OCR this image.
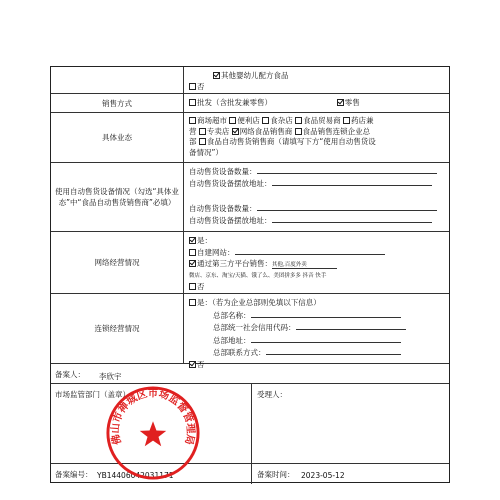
其他婴幼儿配方食品
否
销售方式	批发（含批发兼零售）	零售
具体业态
商场超市 便利店 食杂店 食品贸易商 药店兼
营 专卖店 网络食品销售商 食品销售连锁企业总
部 食品自动售货销售商（请填写下方“使用自动售货设
备情况”）
使用自动售货设备情况（勾选“具体业态”中“食品自动售货销售商”必填）
自动售货设备数量：
自动售货设备摆放地址：
自动售货设备数量：
自动售货设备摆放地址：
网络经营情况
是：
自建网站：
通过第三方平台销售：其他,百度外卖
微店、京东、淘宝/天猫、饿了么、美团拼多多 抖音 快手
否
连锁经营情况
是：（若为企业总部则免填以下信息）
总部名称：
总部统一社会信用代码：
总部地址：
总部联系方式：
否
备案人： 李欣宇
市场监管部门（盖章）	受理人：
备案编号： YB14406042031171	备案时间： 2023-05-12
佛山市禅城区市场监督管理局
